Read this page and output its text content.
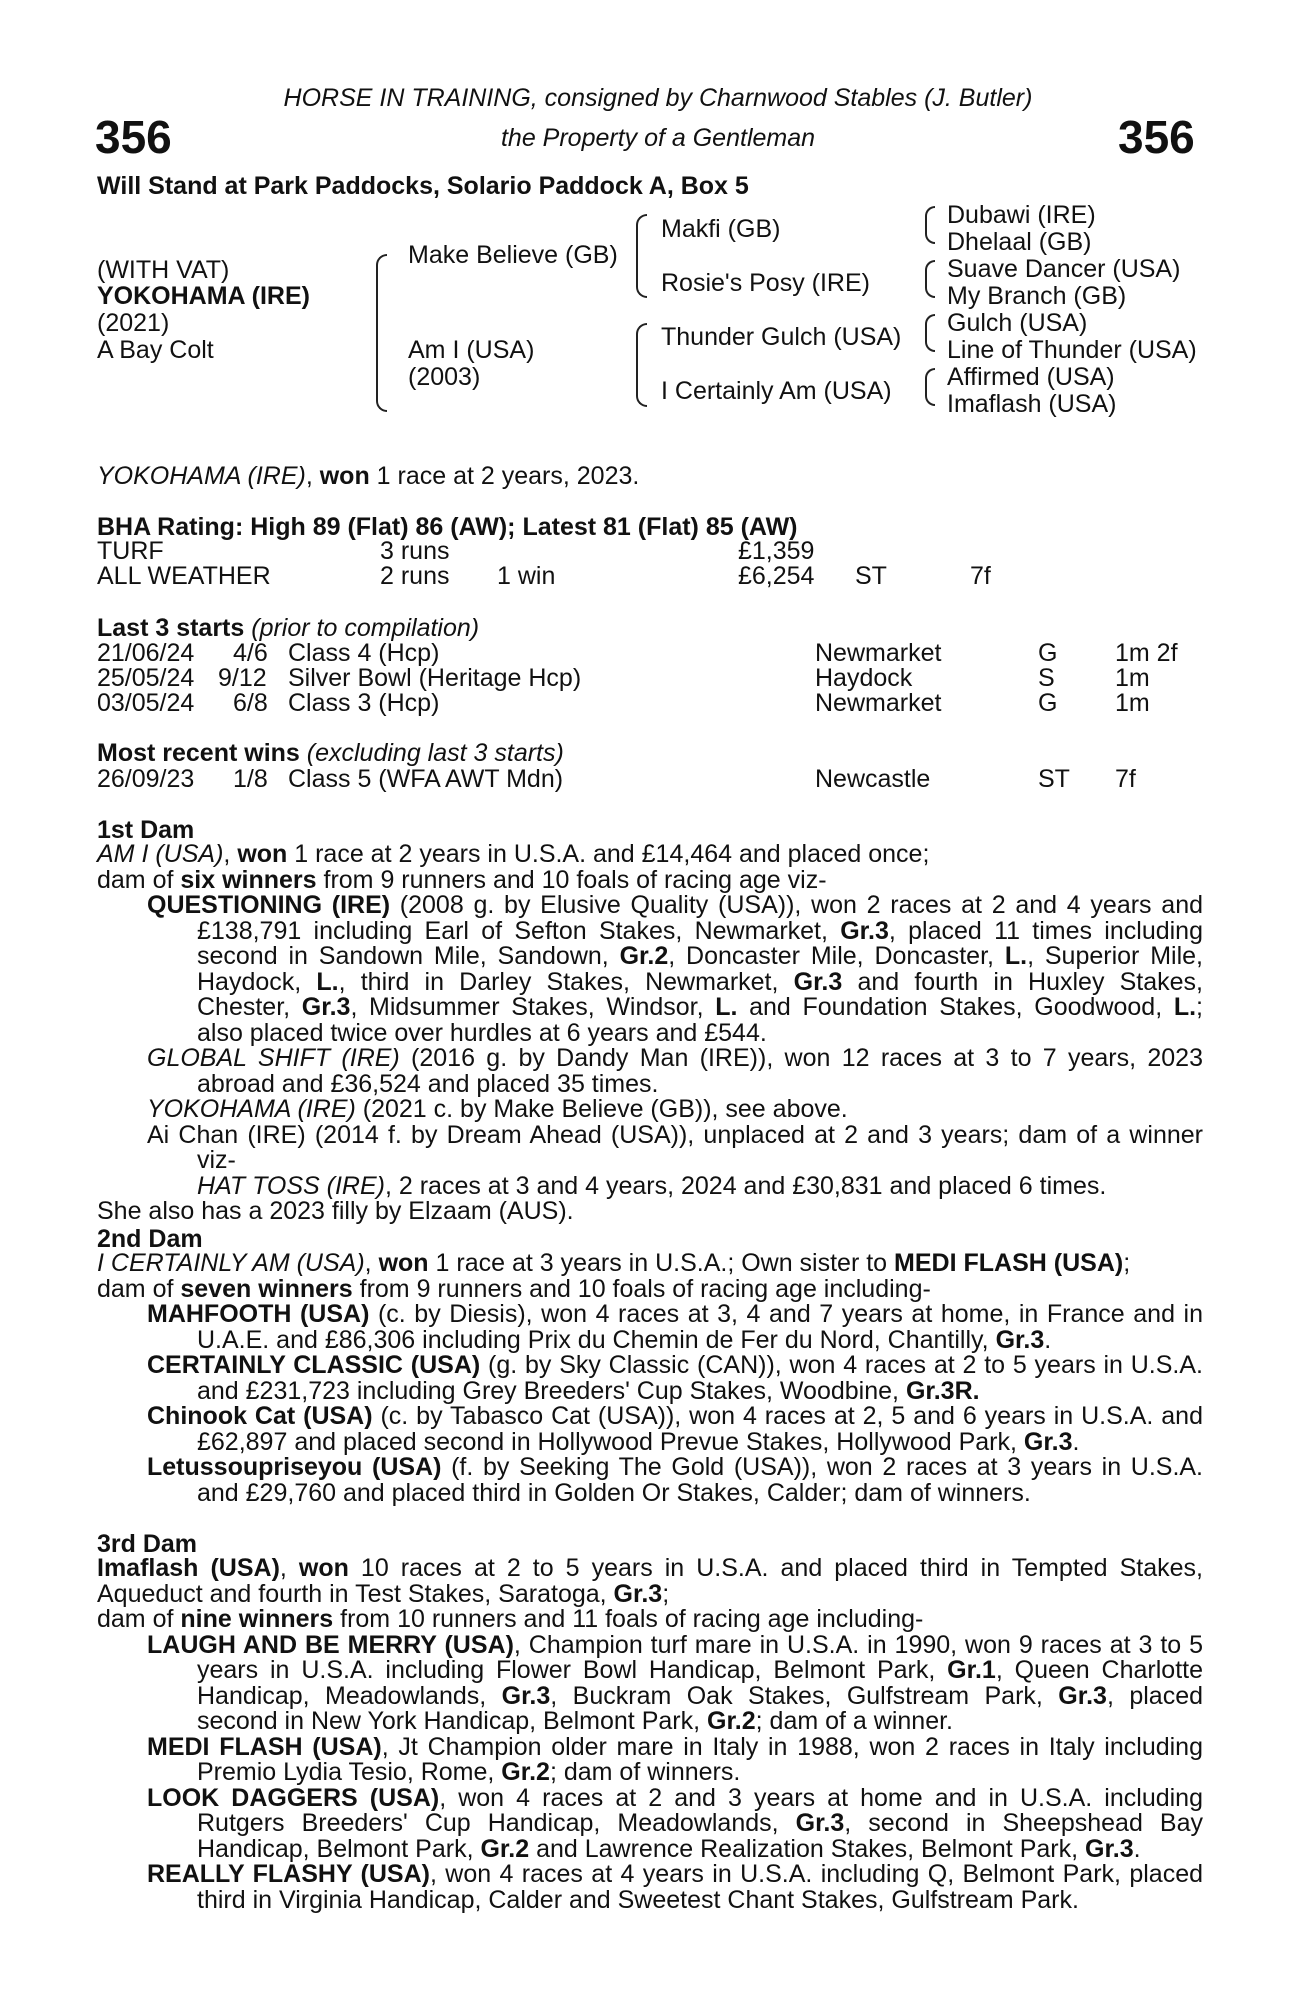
356	356
HORSE IN TRAINING, consigned by Charnwood Stables (J. Butler)
the Property of a Gentleman
Will Stand at Park Paddocks, Solario Paddock A, Box 5
(WITH VAT)
YOKOHAMA (IRE)
(2021)
A Bay Colt
Make Believe (GB)
Am I (USA)
(2003)
Makfi (GB)
Rosie's Posy (IRE)
Thunder Gulch (USA)
I Certainly Am (USA)
Dubawi (IRE)
Dhelaal (GB)
Suave Dancer (USA)
My Branch (GB)
Gulch (USA)
Line of Thunder (USA)
Affirmed (USA)
Imaflash (USA)
YOKOHAMA (IRE), won 1 race at 2 years, 2023.
BHA Rating: High 89 (Flat) 86 (AW); Latest 81 (Flat) 85 (AW)
TURF	3 runs	£1,359
ALL WEATHER	2 runs 1 win	£6,254 ST	7f
Last 3 starts (prior to compilation)
21/06/24 4/6 Class 4 (Hcp)	Newmarket	G 1m 2f
25/05/24 9/12 Silver Bowl (Heritage Hcp)	Haydock	S 1m
03/05/24 6/8 Class 3 (Hcp)	Newmarket	G 1m
Most recent wins (excluding last 3 starts)
26/09/23 1/8 Class 5 (WFA AWT Mdn)	Newcastle	ST 7f
1st Dam

AM I (USA), won 1 race at 2 years in U.S.A. and £14,464 and placed once;

dam of six winners from 9 runners and 10 foals of racing age viz-

QUESTIONING (IRE) (2008 g. by Elusive Quality (USA)), won 2 races at 2 and 4 years and £138,791 including Earl of Sefton Stakes, Newmarket, Gr.3, placed 11 times including second in Sandown Mile, Sandown, Gr.2, Doncaster Mile, Doncaster, L., Superior Mile, Haydock, L., third in Darley Stakes, Newmarket, Gr.3 and fourth in Huxley Stakes, Chester, Gr.3, Midsummer Stakes, Windsor, L. and Foundation Stakes, Goodwood, L.; also placed twice over hurdles at 6 years and £544.

GLOBAL SHIFT (IRE) (2016 g. by Dandy Man (IRE)), won 12 races at 3 to 7 years, 2023 abroad and £36,524 and placed 35 times.

YOKOHAMA (IRE) (2021 c. by Make Believe (GB)), see above.

Ai Chan (IRE) (2014 f. by Dream Ahead (USA)), unplaced at 2 and 3 years; dam of a winner viz-
HAT TOSS (IRE), 2 races at 3 and 4 years, 2024 and £30,831 and placed 6 times.

She also has a 2023 filly by Elzaam (AUS).

2nd Dam

I CERTAINLY AM (USA), won 1 race at 3 years in U.S.A.; Own sister to MEDI FLASH (USA);

dam of seven winners from 9 runners and 10 foals of racing age including-

MAHFOOTH (USA) (c. by Diesis), won 4 races at 3, 4 and 7 years at home, in France and in U.A.E. and £86,306 including Prix du Chemin de Fer du Nord, Chantilly, Gr.3.

CERTAINLY CLASSIC (USA) (g. by Sky Classic (CAN)), won 4 races at 2 to 5 years in U.S.A. and £231,723 including Grey Breeders' Cup Stakes, Woodbine, Gr.3R.

Chinook Cat (USA) (c. by Tabasco Cat (USA)), won 4 races at 2, 5 and 6 years in U.S.A. and £62,897 and placed second in Hollywood Prevue Stakes, Hollywood Park, Gr.3.

Letussoupriseyou (USA) (f. by Seeking The Gold (USA)), won 2 races at 3 years in U.S.A. and £29,760 and placed third in Golden Or Stakes, Calder; dam of winners.

3rd Dam

Imaflash (USA), won 10 races at 2 to 5 years in U.S.A. and placed third in Tempted Stakes, Aqueduct and fourth in Test Stakes, Saratoga, Gr.3;

dam of nine winners from 10 runners and 11 foals of racing age including-

LAUGH AND BE MERRY (USA), Champion turf mare in U.S.A. in 1990, won 9 races at 3 to 5 years in U.S.A. including Flower Bowl Handicap, Belmont Park, Gr.1, Queen Charlotte Handicap, Meadowlands, Gr.3, Buckram Oak Stakes, Gulfstream Park, Gr.3, placed second in New York Handicap, Belmont Park, Gr.2; dam of a winner.

MEDI FLASH (USA), Jt Champion older mare in Italy in 1988, won 2 races in Italy including Premio Lydia Tesio, Rome, Gr.2; dam of winners.

LOOK DAGGERS (USA), won 4 races at 2 and 3 years at home and in U.S.A. including Rutgers Breeders' Cup Handicap, Meadowlands, Gr.3, second in Sheepshead Bay Handicap, Belmont Park, Gr.2 and Lawrence Realization Stakes, Belmont Park, Gr.3.

REALLY FLASHY (USA), won 4 races at 4 years in U.S.A. including Q, Belmont Park, placed third in Virginia Handicap, Calder and Sweetest Chant Stakes, Gulfstream Park.
